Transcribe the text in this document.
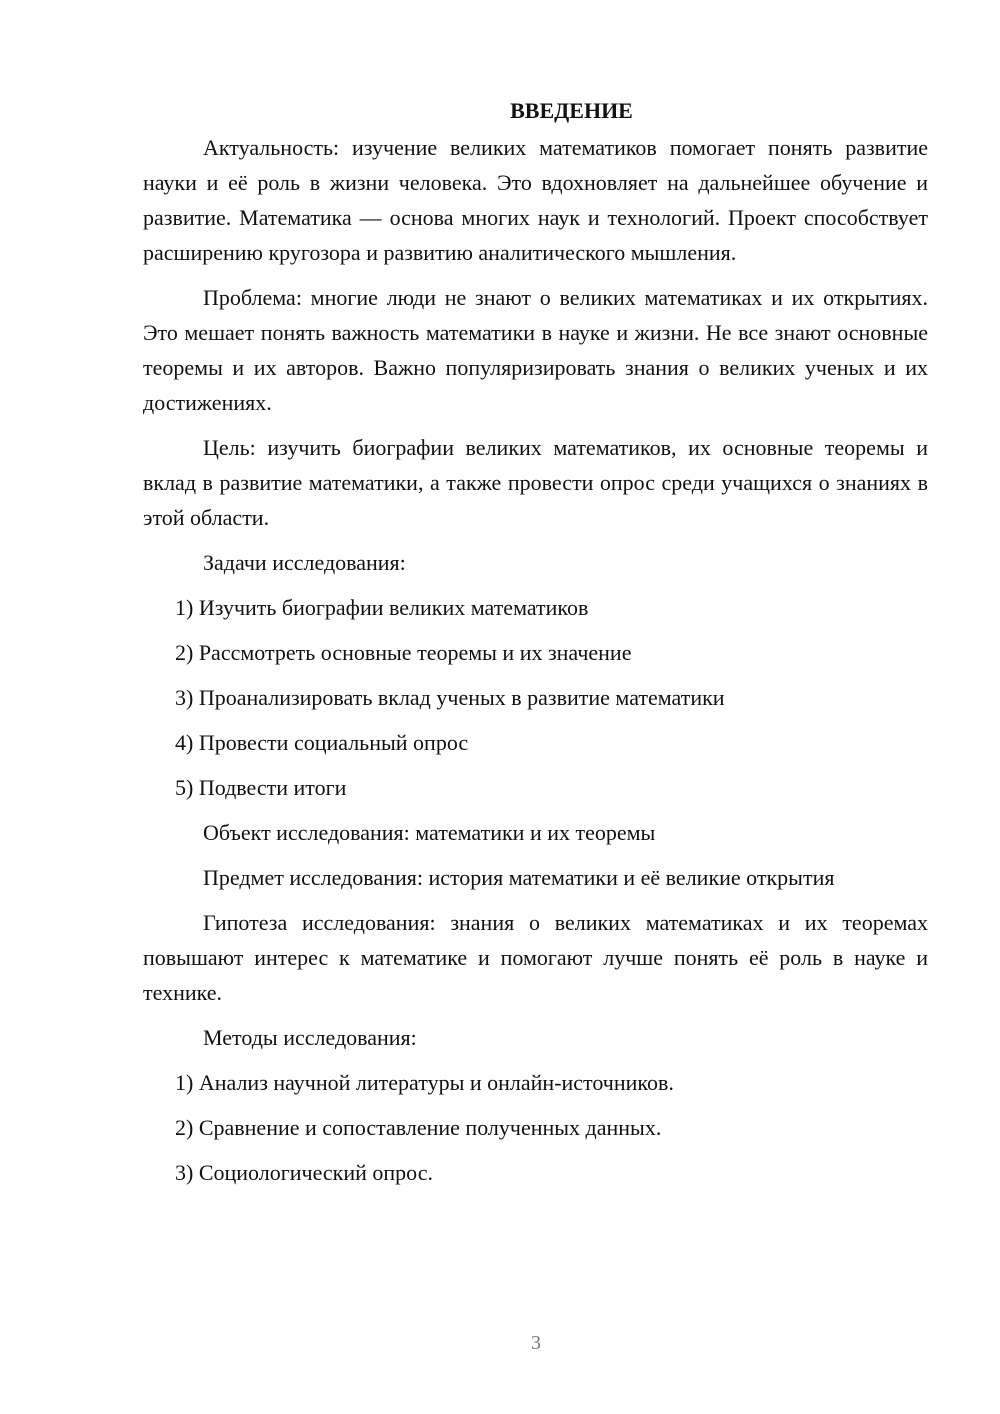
ВВЕДЕНИЕ

Актуальность: изучение великих математиков помогает понять развитие науки и её роль в жизни человека. Это вдохновляет на дальнейшее обучение и развитие. Математика — основа многих наук и технологий. Проект способствует расширению кругозора и развитию аналитического мышления.

Проблема: многие люди не знают о великих математиках и их открытиях. Это мешает понять важность математики в науке и жизни. Не все знают основные теоремы и их авторов. Важно популяризировать знания о великих ученых и их достижениях.

Цель: изучить биографии великих математиков, их основные теоремы и вклад в развитие математики, а также провести опрос среди учащихся о знаниях в этой области.

Задачи исследования:

1) Изучить биографии великих математиков
2) Рассмотреть основные теоремы и их значение
3) Проанализировать вклад ученых в развитие математики
4) Провести социальный опрос
5) Подвести итоги

Объект исследования: математики и их теоремы

Предмет исследования: история математики и её великие открытия

Гипотеза исследования: знания о великих математиках и их теоремах повышают интерес к математике и помогают лучше понять её роль в науке и технике.

Методы исследования:

1) Анализ научной литературы и онлайн-источников.
2) Сравнение и сопоставление полученных данных.
3) Социологический опрос.
3
